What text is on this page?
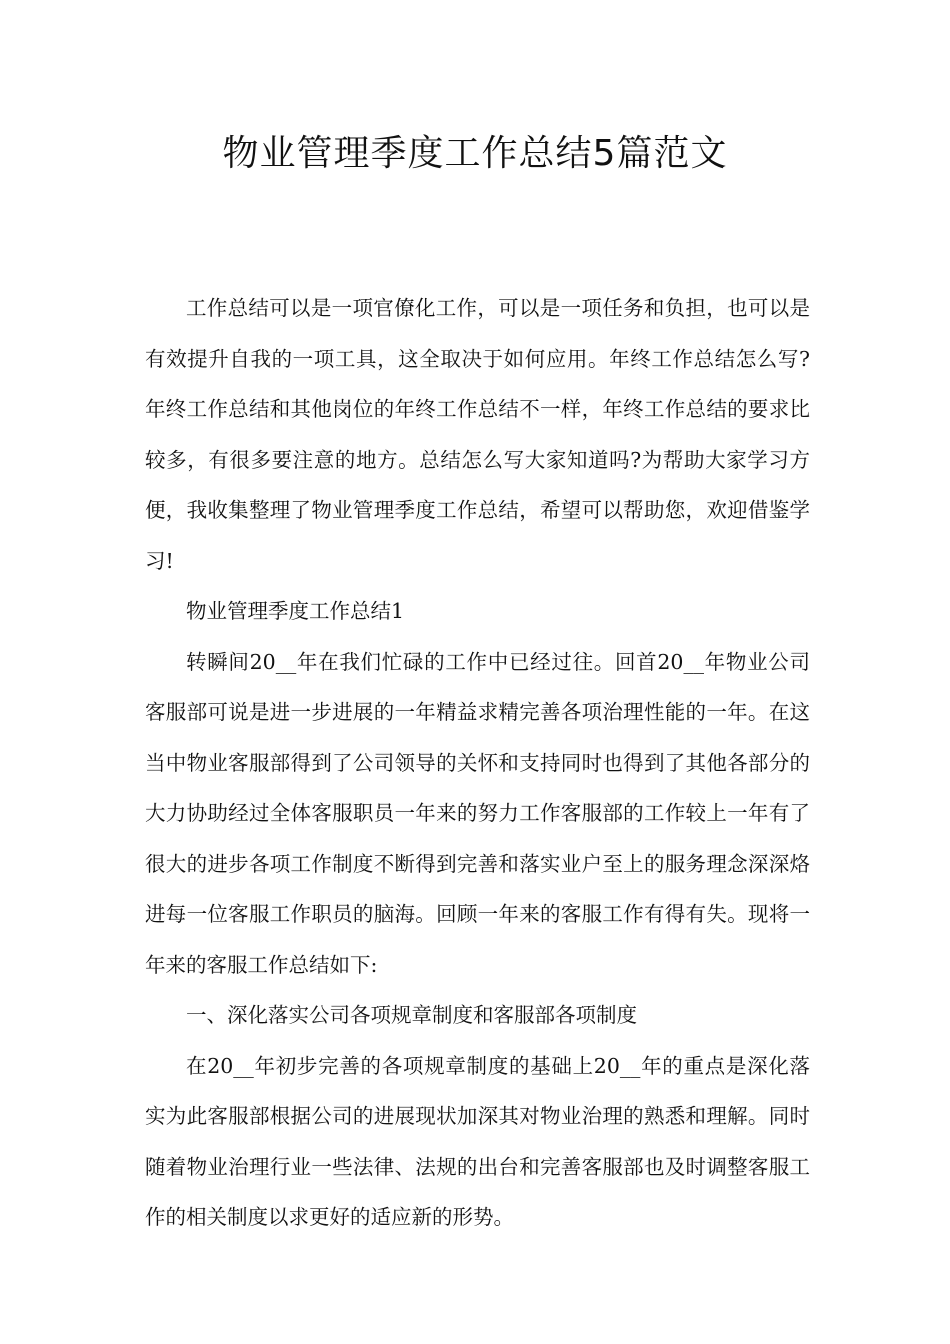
物业管理季度工作总结5篇范文

工作总结可以是一项官僚化工作，可以是一项任务和负担，也可以是有效提升自我的一项工具，这全取决于如何应用。年终工作总结怎么写?年终工作总结和其他岗位的年终工作总结不一样，年终工作总结的要求比较多，有很多要注意的地方。总结怎么写大家知道吗?为帮助大家学习方便，我收集整理了物业管理季度工作总结，希望可以帮助您，欢迎借鉴学习!

物业管理季度工作总结1

转瞬间20__年在我们忙碌的工作中已经过往。回首20__年物业公司客服部可说是进一步进展的一年精益求精完善各项治理性能的一年。在这当中物业客服部得到了公司领导的关怀和支持同时也得到了其他各部分的大力协助经过全体客服职员一年来的努力工作客服部的工作较上一年有了很大的进步各项工作制度不断得到完善和落实业户至上的服务理念深深烙进每一位客服工作职员的脑海。回顾一年来的客服工作有得有失。现将一年来的客服工作总结如下:

一、深化落实公司各项规章制度和客服部各项制度

在20__年初步完善的各项规章制度的基础上20__年的重点是深化落实为此客服部根据公司的进展现状加深其对物业治理的熟悉和理解。同时随着物业治理行业一些法律、法规的出台和完善客服部也及时调整客服工作的相关制度以求更好的适应新的形势。
